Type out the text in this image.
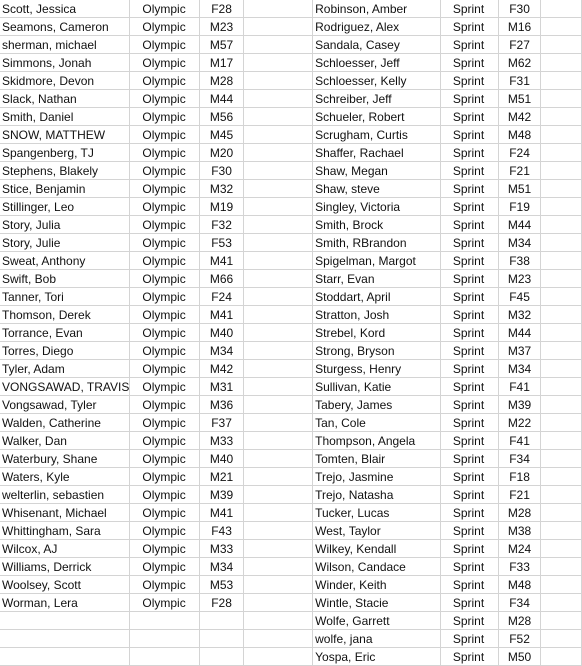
Scott, Jessica	Olympic	F28		Robinson, Amber	Sprint	F30	
Seamons, Cameron	Olympic	M23		Rodriguez, Alex	Sprint	M16	
sherman, michael	Olympic	M57		Sandala, Casey	Sprint	F27	
Simmons, Jonah	Olympic	M17		Schloesser, Jeff	Sprint	M62	
Skidmore, Devon	Olympic	M28		Schloesser, Kelly	Sprint	F31	
Slack, Nathan	Olympic	M44		Schreiber, Jeff	Sprint	M51	
Smith, Daniel	Olympic	M56		Schueler, Robert	Sprint	M42	
SNOW, MATTHEW	Olympic	M45		Scrugham, Curtis	Sprint	M48	
Spangenberg, TJ	Olympic	M20		Shaffer, Rachael	Sprint	F24	
Stephens, Blakely	Olympic	F30		Shaw, Megan	Sprint	F21	
Stice, Benjamin	Olympic	M32		Shaw, steve	Sprint	M51	
Stillinger, Leo	Olympic	M19		Singley, Victoria	Sprint	F19	
Story, Julia	Olympic	F32		Smith, Brock	Sprint	M44	
Story, Julie	Olympic	F53		Smith, RBrandon	Sprint	M34	
Sweat, Anthony	Olympic	M41		Spigelman, Margot	Sprint	F38	
Swift, Bob	Olympic	M66		Starr, Evan	Sprint	M23	
Tanner, Tori	Olympic	F24		Stoddart, April	Sprint	F45	
Thomson, Derek	Olympic	M41		Stratton, Josh	Sprint	M32	
Torrance, Evan	Olympic	M40		Strebel, Kord	Sprint	M44	
Torres, Diego	Olympic	M34		Strong, Bryson	Sprint	M37	
Tyler, Adam	Olympic	M42		Sturgess, Henry	Sprint	M34	
VONGSAWAD, TRAVIS	Olympic	M31		Sullivan, Katie	Sprint	F41	
Vongsawad, Tyler	Olympic	M36		Tabery, James	Sprint	M39	
Walden, Catherine	Olympic	F37		Tan, Cole	Sprint	M22	
Walker, Dan	Olympic	M33		Thompson, Angela	Sprint	F41	
Waterbury, Shane	Olympic	M40		Tomten, Blair	Sprint	F34	
Waters, Kyle	Olympic	M21		Trejo, Jasmine	Sprint	F18	
welterlin, sebastien	Olympic	M39		Trejo, Natasha	Sprint	F21	
Whisenant, Michael	Olympic	M41		Tucker, Lucas	Sprint	M28	
Whittingham, Sara	Olympic	F43		West, Taylor	Sprint	M38	
Wilcox, AJ	Olympic	M33		Wilkey, Kendall	Sprint	M24	
Williams, Derrick	Olympic	M34		Wilson, Candace	Sprint	F33	
Woolsey, Scott	Olympic	M53		Winder, Keith	Sprint	M48	
Worman, Lera	Olympic	F28		Wintle, Stacie	Sprint	F34	
				Wolfe, Garrett	Sprint	M28	
				wolfe, jana	Sprint	F52	
				Yospa, Eric	Sprint	M50	
